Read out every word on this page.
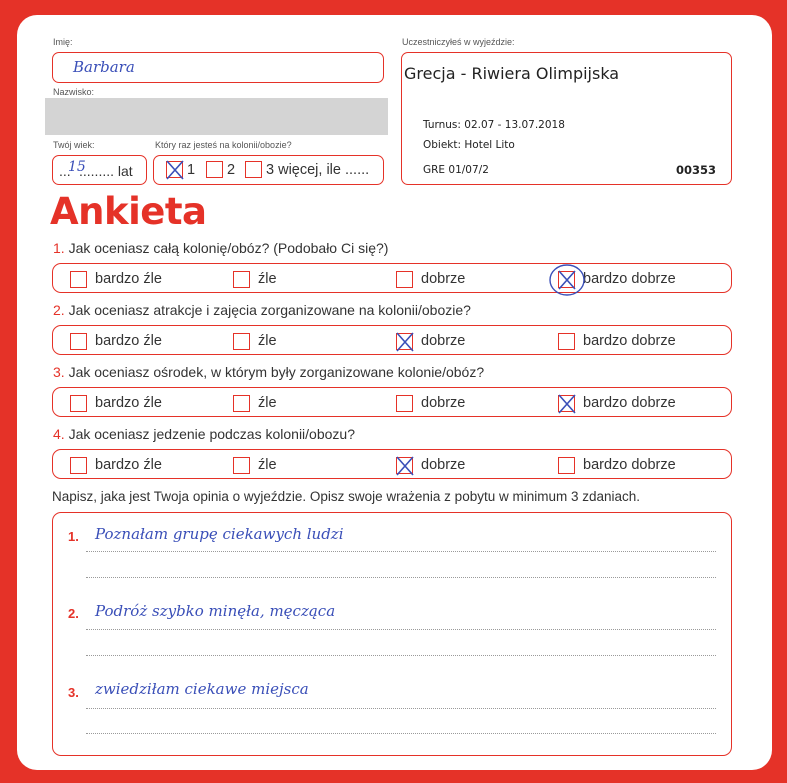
Imię:
Barbara
Nazwisko:
Twój wiek:
...
15
......... lat
Który raz jesteś na kolonii/obozie?
1 2 3 więcej, ile ......
Uczestniczyłeś w wyjeździe:
Grecja - Riwiera Olimpijska
Turnus: 02.07 - 13.07.2018
Obiekt: Hotel Lito
GRE 01/07/2	00353
Ankieta
1. Jak oceniasz całą kolonię/obóz? (Podobało Ci się?)
bardzo źle	źle	dobrze	bardzo dobrze
2. Jak oceniasz atrakcje i zajęcia zorganizowane na kolonii/obozie?
bardzo źle	źle	dobrze	bardzo dobrze
3. Jak oceniasz ośrodek, w którym były zorganizowane kolonie/obóz?
bardzo źle	źle	dobrze	bardzo dobrze
4. Jak oceniasz jedzenie podczas kolonii/obozu?
bardzo źle	źle	dobrze	bardzo dobrze
Napisz, jaka jest Twoja opinia o wyjeździe. Opisz swoje wrażenia z pobytu w minimum 3 zdaniach.
1. Poznałam grupę ciekawych ludzi
2. Podróż szybko minęła, męcząca
3. zwiedziłam ciekawe miejsca
